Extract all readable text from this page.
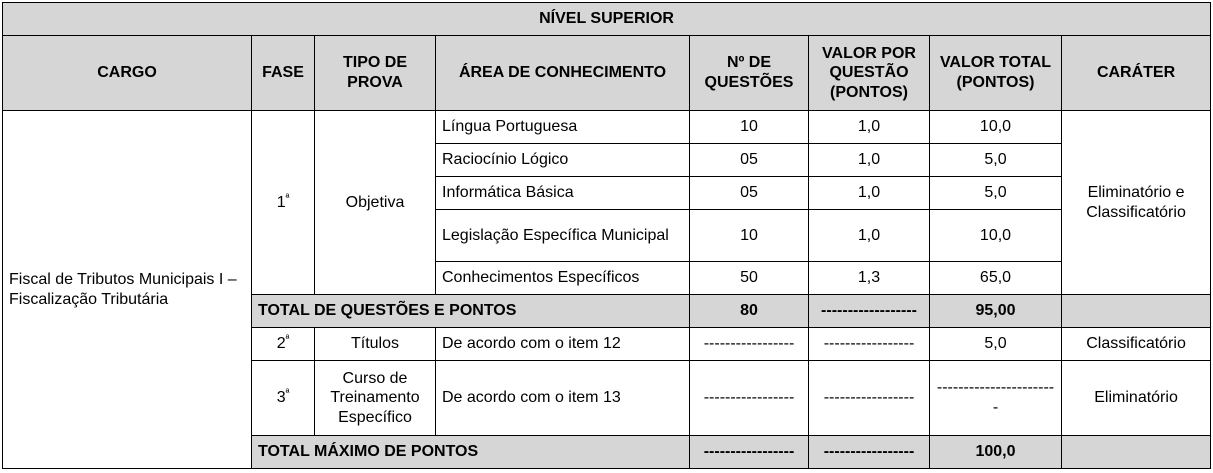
NÍVEL SUPERIOR							
CARGO	FASE	TIPO DE PROVA	ÁREA DE CONHECIMENTO	Nº DE QUESTÕES	VALOR POR QUESTÃO (PONTOS)	VALOR TOTAL (PONTOS)	CARÁTER
Fiscal de Tributos Municipais I – Fiscalização Tributária	$1^ª$	Objetiva	Língua Portuguesa	10	1,0	10,0	Eliminatório e Classificatório
			Raciocínio Lógico	05	1,0	5,0	
			Informática Básica	05	1,0	5,0	
			Legislação Específica Municipal	10	1,0	10,0	
			Conhecimentos Específicos	50	1,3	65,0	
	TOTAL DE QUESTÕES E PONTOS			80	------------------	95,00	
	$2^ª$	Títulos	De acordo com o item 12	-----------------	-----------------	5,0	Classificatório
	$3^ª$	Curso de Treinamento Específico	De acordo com o item 13	-----------------	-----------------	-----------------------	Eliminatório
	TOTAL MÁXIMO DE PONTOS			-----------------	-----------------	100,0	
